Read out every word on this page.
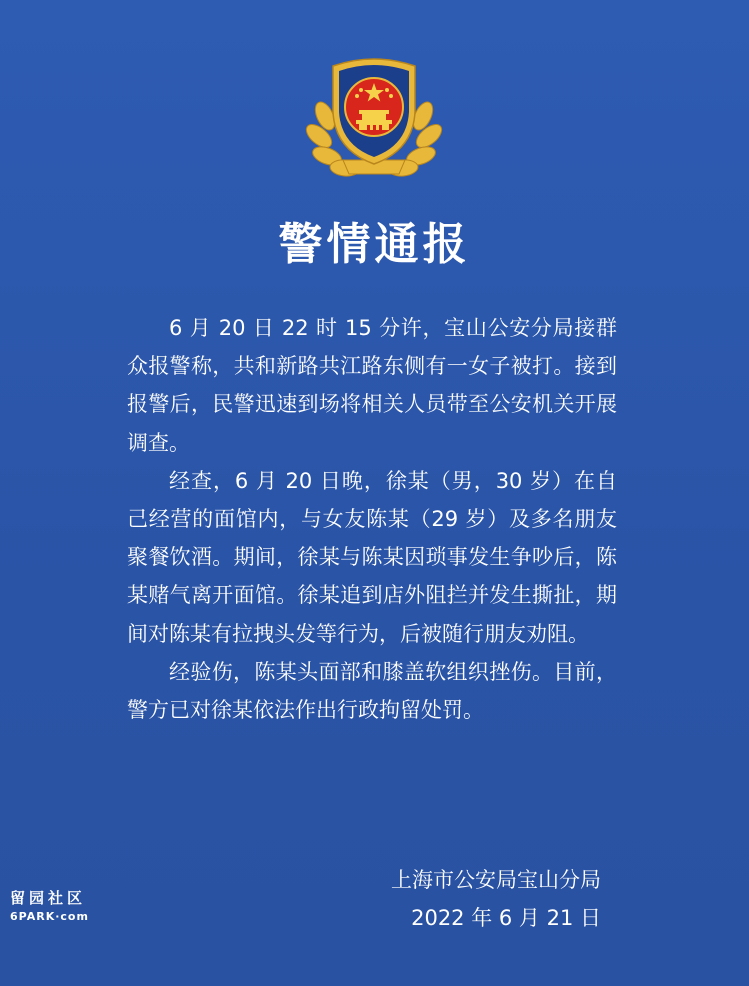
警情通报

6 月 20 日 22 时 15 分许，宝山公安分局接群众报警称，共和新路共江路东侧有一女子被打。接到报警后，民警迅速到场将相关人员带至公安机关开展调查。

经查，6 月 20 日晚，徐某（男，30 岁）在自己经营的面馆内，与女友陈某（29 岁）及多名朋友聚餐饮酒。期间，徐某与陈某因琐事发生争吵后，陈某赌气离开面馆。徐某追到店外阻拦并发生撕扯，期间对陈某有拉拽头发等行为，后被随行朋友劝阻。

经验伤，陈某头面部和膝盖软组织挫伤。目前，警方已对徐某依法作出行政拘留处罚。

上海市公安局宝山分局
2022 年 6 月 21 日
留园社区
6PARK·com
